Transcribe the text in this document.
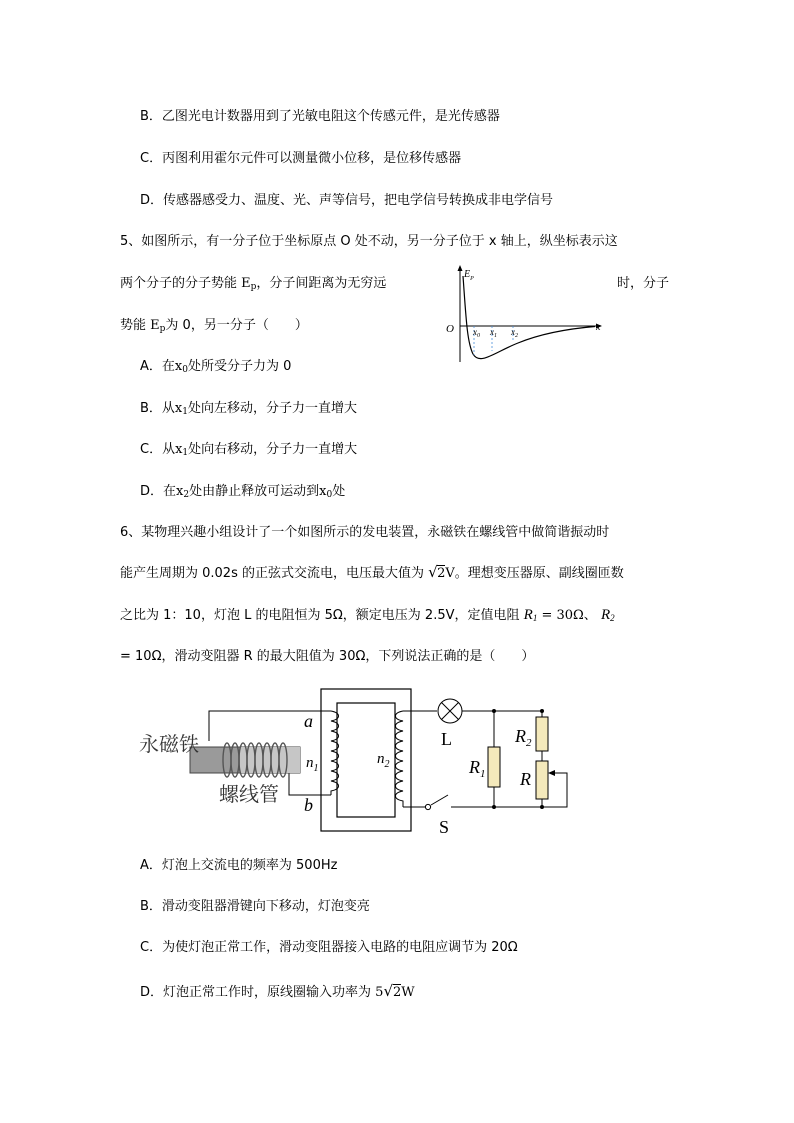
B．乙图光电计数器用到了光敏电阻这个传感元件，是光传感器
C．丙图利用霍尔元件可以测量微小位移，是位移传感器
D．传感器感受力、温度、光、声等信号，把电学信号转换成非电学信号
5、如图所示，有一分子位于坐标原点 O 处不动，另一分子位于 x 轴上，纵坐标表示这
两个分子的分子势能 $E_p$，分子间距离为无穷远	时，分子
势能 $E_p$为 0，另一分子（　　）
$E_P$
x
O $x_0$ $x_1$ $x_2$
A．在$x_0$处所受分子力为 0
B．从$x_1$处向左移动，分子力一直增大
C．从$x_1$处向右移动，分子力一直增大
D．在$x_2$处由静止释放可运动到$x_0$处
6、某物理兴趣小组设计了一个如图所示的发电装置，永磁铁在螺线管中做简谐振动时
能产生周期为 0.02s 的正弦式交流电，电压最大值为 √ 2V。理想变压器原、副线圈匝数
之比为 1：10，灯泡 L 的电阻恒为 5Ω，额定电压为 2.5V，定值电阻 $R_1 = 30\Omega$、 $R_2$
= 10Ω，滑动变阻器 R 的最大阻值为 30Ω，下列说法正确的是（　　）
永磁铁
螺线管
a
b
$n_1$
$n_2$
L
S
$R_1$
$R_2$
R
A．灯泡上交流电的频率为 500Hz
B．滑动变阻器滑键向下移动，灯泡变亮
C．为使灯泡正常工作，滑动变阻器接入电路的电阻应调节为 20Ω
D．灯泡正常工作时，原线圈输入功率为 5√2W
